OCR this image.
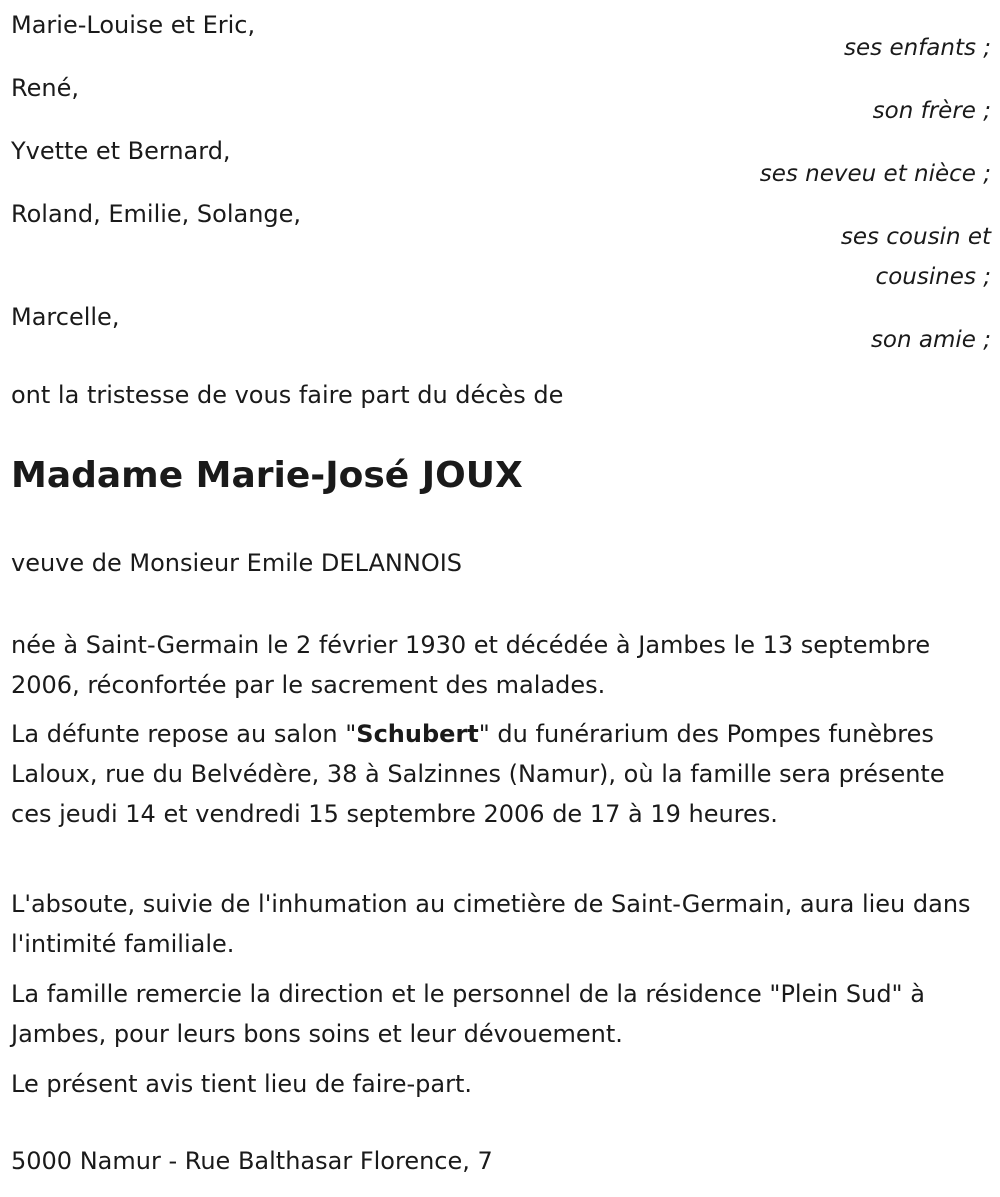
Marie-Louise et Eric,
ses enfants ;
René,
son frère ;
Yvette et Bernard,
ses neveu et nièce ;
Roland, Emilie, Solange,
ses cousin et
cousines ;
Marcelle,
son amie ;
ont la tristesse de vous faire part du décès de
Madame Marie-José JOUX
veuve de Monsieur Emile DELANNOIS
née à Saint-Germain le 2 février 1930 et décédée à Jambes le 13 septembre 2006, réconfortée par le sacrement des malades.
La défunte repose au salon "Schubert" du funérarium des Pompes funèbres Laloux, rue du Belvédère, 38 à Salzinnes (Namur), où la famille sera présente ces jeudi 14 et vendredi 15 septembre 2006 de 17 à 19 heures.
L'absoute, suivie de l'inhumation au cimetière de Saint-Germain, aura lieu dans l'intimité familiale.
La famille remercie la direction et le personnel de la résidence "Plein Sud" à Jambes, pour leurs bons soins et leur dévouement.
Le présent avis tient lieu de faire-part.
5000 Namur - Rue Balthasar Florence, 7
